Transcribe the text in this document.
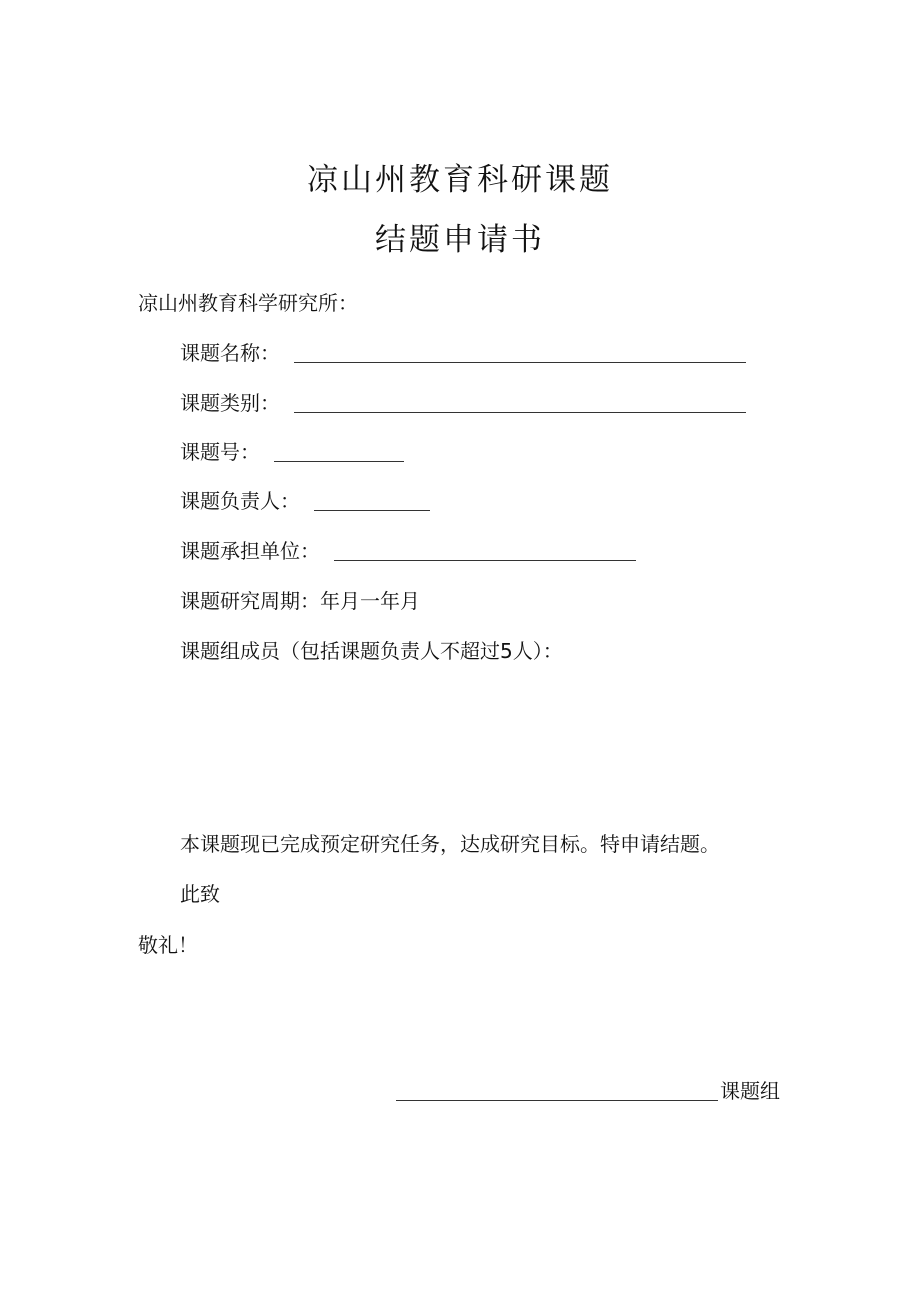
凉山州教育科研课题
结题申请书
凉山州教育科学研究所：
课题名称：
课题类别：
课题号：
课题负责人：
课题承担单位：
课题研究周期：年月一年月
课题组成员（包括课题负责人不超过5人）：
本课题现已完成预定研究任务，达成研究目标。特申请结题。
此致
敬礼！
课题组
